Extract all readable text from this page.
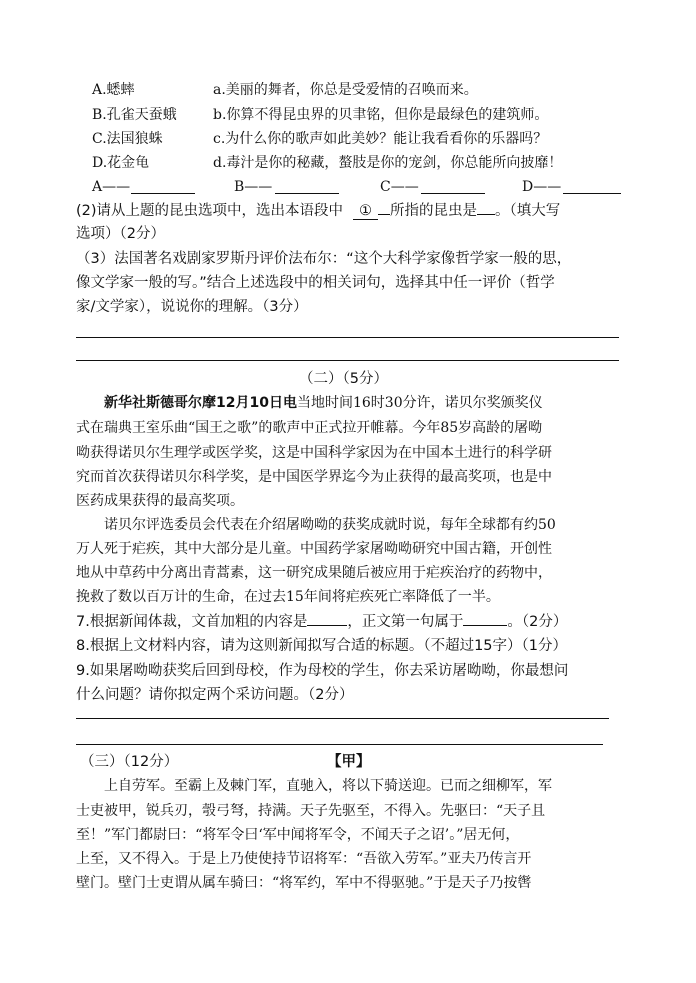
A.蟋蟀	a.美丽的舞者，你总是受爱情的召唤而来。
B.孔雀天蚕蛾	b.你算不得昆虫界的贝聿铭，但你是最绿色的建筑师。
C.法国狼蛛	c.为什么你的歌声如此美妙？能让我看看你的乐器吗？
D.花金龟	d.毒汁是你的秘藏，螯肢是你的宠剑，你总能所向披靡！
A——	B——	C——	D——
(2)请从上题的昆虫选项中，选出本语段中 ① 所指的昆虫是 。（填大写
选项）（2分）
（3）法国著名戏剧家罗斯丹评价法布尔：“这个大科学家像哲学家一般的思，
像文学家一般的写。”结合上述选段中的相关词句，选择其中任一评价（哲学
家/文学家），说说你的理解。（3分）
（二）（5分）
新华社斯德哥尔摩12月10日电当地时间16时30分许，诺贝尔奖颁奖仪
式在瑞典王室乐曲“国王之歌”的歌声中正式拉开帷幕。今年85岁高龄的屠呦
呦获得诺贝尔生理学或医学奖，这是中国科学家因为在中国本土进行的科学研
究而首次获得诺贝尔科学奖，是中国医学界迄今为止获得的最高奖项，也是中
医药成果获得的最高奖项。
诺贝尔评选委员会代表在介绍屠呦呦的获奖成就时说，每年全球都有约50
万人死于疟疾，其中大部分是儿童。中国药学家屠呦呦研究中国古籍，开创性
地从中草药中分离出青蒿素，这一研究成果随后被应用于疟疾治疗的药物中，
挽救了数以百万计的生命，在过去15年间将疟疾死亡率降低了一半。
7.根据新闻体裁，文首加粗的内容是	，正文第一句属于	。（2分）
8.根据上文材料内容，请为这则新闻拟写合适的标题。（不超过15字）（1分）
9.如果屠呦呦获奖后回到母校，作为母校的学生，你去采访屠呦呦，你最想问
什么问题？请你拟定两个采访问题。（2分）
（三）（12分）	【甲】
上自劳军。至霸上及棘门军，直驰入，将以下骑送迎。已而之细柳军，军
士吏被甲，锐兵刃，彀弓弩，持满。天子先驱至，不得入。先驱曰：“天子且
至！”军门都尉曰：“将军令曰‘军中闻将军令，不闻天子之诏’。”居无何，
上至，又不得入。于是上乃使使持节诏将军：“吾欲入劳军。”亚夫乃传言开
壁门。壁门士吏谓从属车骑曰：“将军约，军中不得驱驰。”于是天子乃按辔
